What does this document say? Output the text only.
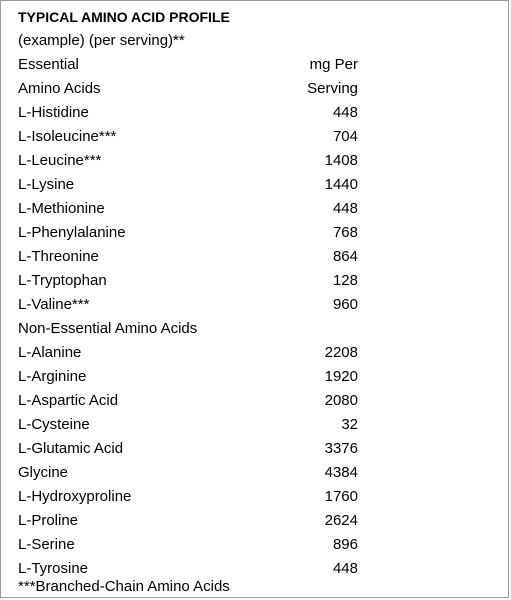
TYPICAL AMINO ACID PROFILE
(example) (per serving)**
Essential	mg Per
Amino Acids	Serving
L-Histidine	448
L-Isoleucine***	704
L-Leucine***	1408
L-Lysine	1440
L-Methionine	448
L-Phenylalanine	768
L-Threonine	864
L-Tryptophan	128
L-Valine***	960
Non-Essential Amino Acids
L-Alanine	2208
L-Arginine	1920
L-Aspartic Acid	2080
L-Cysteine	32
L-Glutamic Acid	3376
Glycine	4384
L-Hydroxyproline	1760
L-Proline	2624
L-Serine	896
L-Tyrosine	448
***Branched-Chain Amino Acids
